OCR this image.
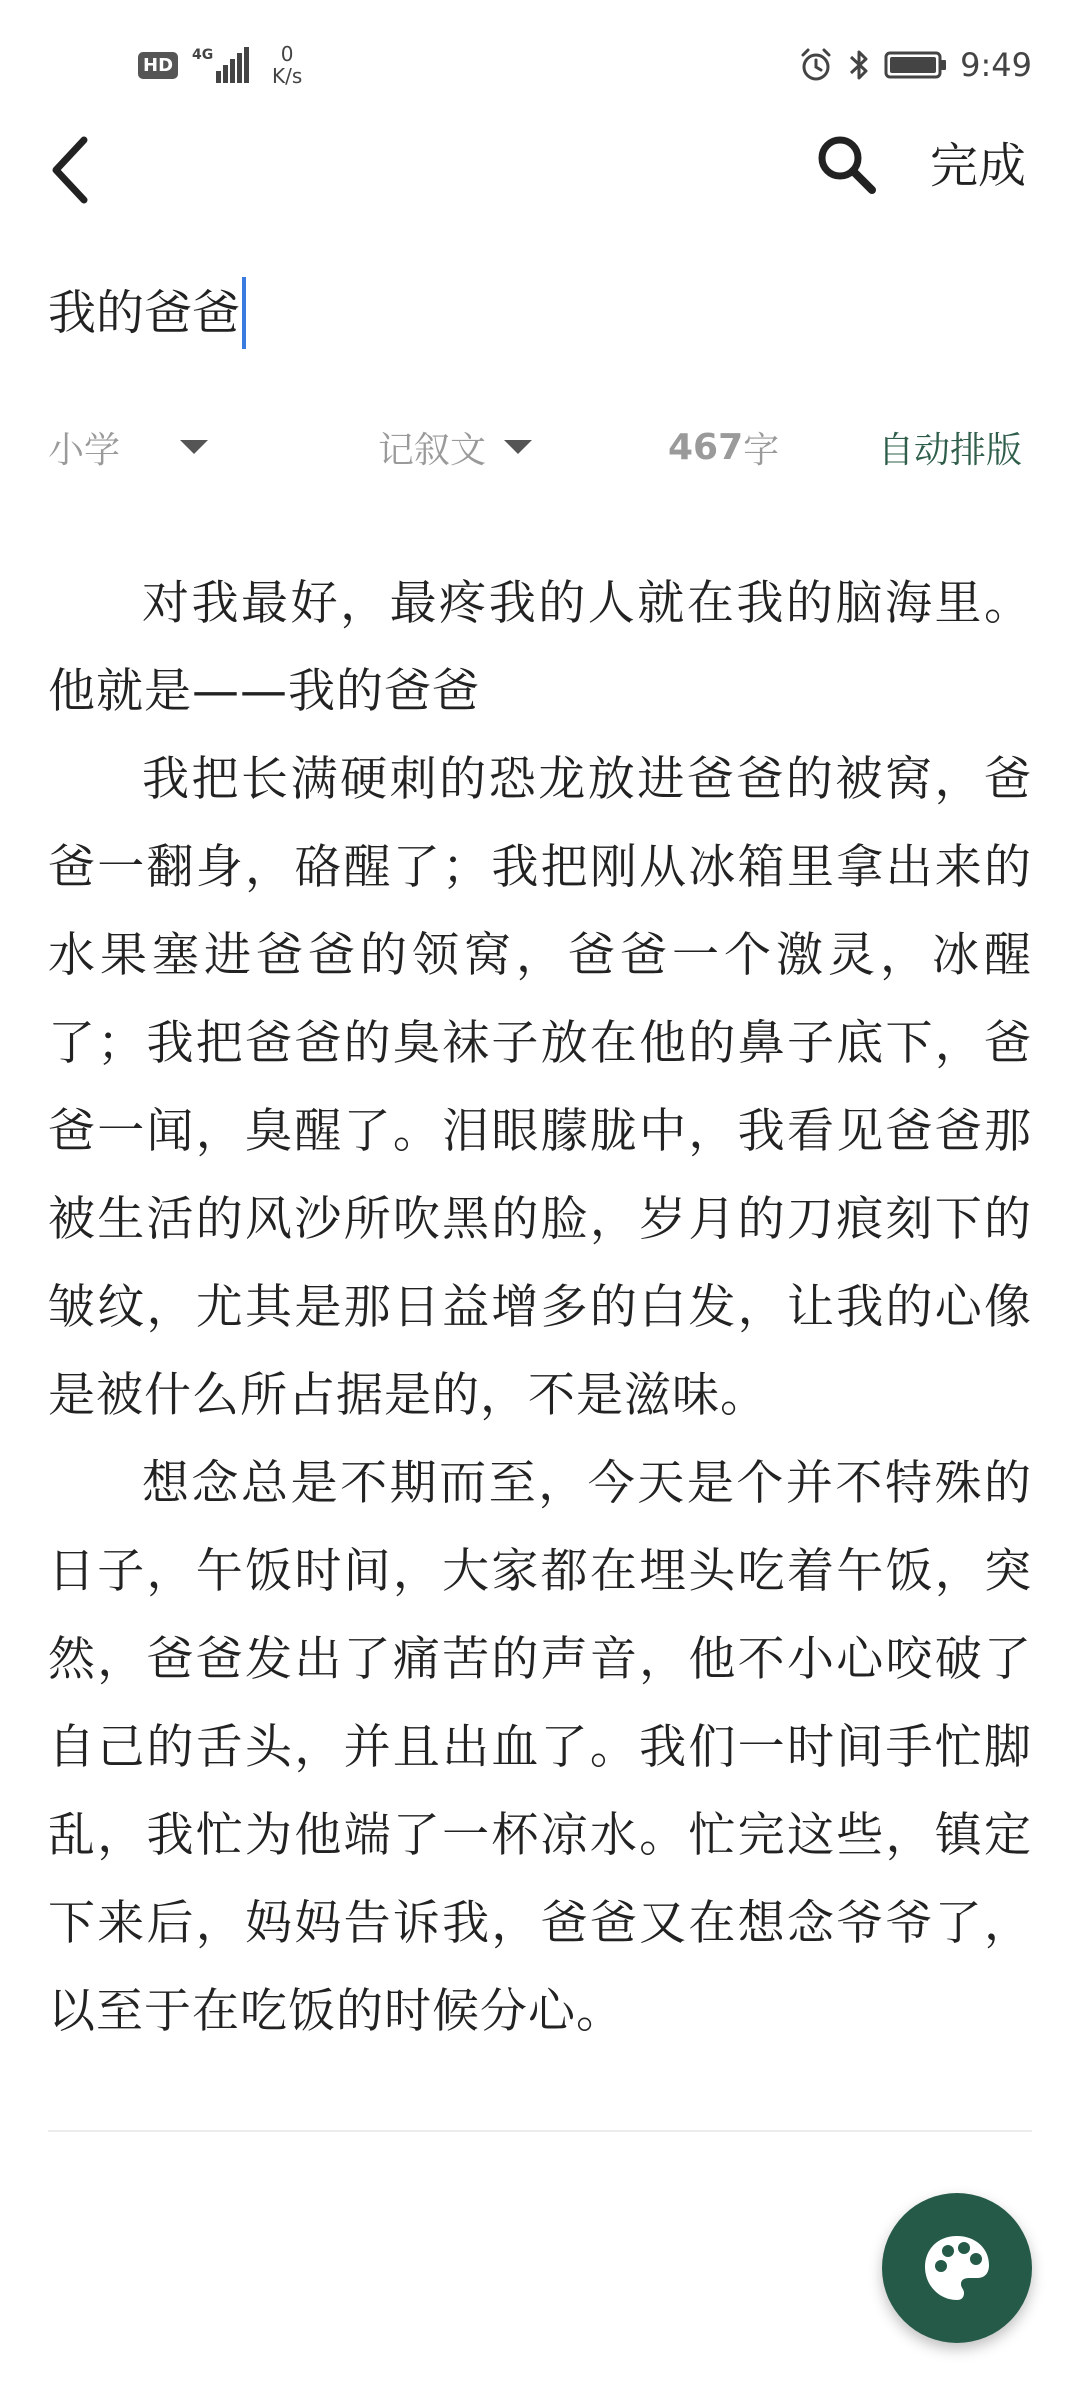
HD	4G	0
K/s	9:49
完成
我的爸爸
小学	记叙文	467 字	自动排版

对我最好，最疼我的人就在我的脑海里。他就是——我的爸爸

我把长满硬刺的恐龙放进爸爸的被窝，爸爸一翻身，硌醒了；我把刚从冰箱里拿出来的水果塞进爸爸的领窝，爸爸一个激灵，冰醒了；我把爸爸的臭袜子放在他的鼻子底下，爸爸一闻，臭醒了。泪眼朦胧中，我看见爸爸那被生活的风沙所吹黑的脸，岁月的刀痕刻下的皱纹，尤其是那日益增多的白发，让我的心像是被什么所占据是的，不是滋味。

想念总是不期而至，今天是个并不特殊的日子，午饭时间，大家都在埋头吃着午饭，突然，爸爸发出了痛苦的声音，他不小心咬破了自己的舌头，并且出血了。我们一时间手忙脚乱，我忙为他端了一杯凉水。忙完这些，镇定下来后，妈妈告诉我，爸爸又在想念爷爷了，以至于在吃饭的时候分心。
